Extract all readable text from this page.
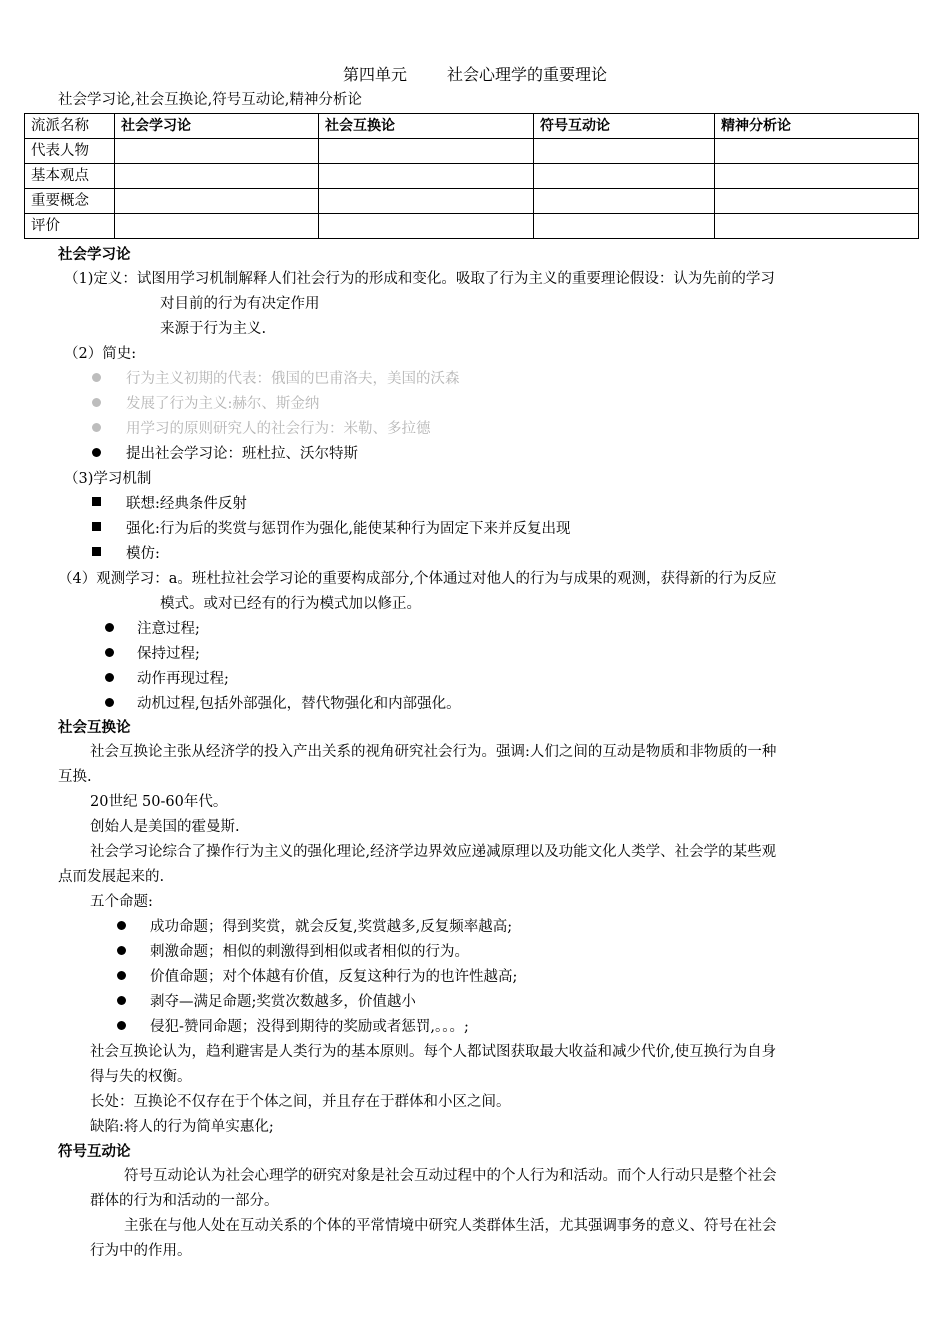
第四单元	社会心理学的重要理论
社会学习论,社会互换论,符号互动论,精神分析论
流派名称	社会学习论	社会互换论	符号互动论	精神分析论
代表人物				
基本观点				
重要概念				
评价				
社会学习论
（1)定义：试图用学习机制解释人们社会行为的形成和变化。吸取了行为主义的重要理论假设：认为先前的学习
对目前的行为有决定作用
来源于行为主义.
（2）简史:
行为主义初期的代表：俄国的巴甫洛夫，美国的沃森
发展了行为主义:赫尔、斯金纳
用学习的原则研究人的社会行为：米勒、多拉德
提出社会学习论：班杜拉、沃尔特斯
（3)学习机制
联想:经典条件反射
强化:行为后的奖赏与惩罚作为强化,能使某种行为固定下来并反复出现
模仿:
（4）观测学习：a。班杜拉社会学习论的重要构成部分,个体通过对他人的行为与成果的观测，获得新的行为反应
模式。或对已经有的行为模式加以修正。
注意过程;
保持过程;
动作再现过程;
动机过程,包括外部强化，替代物强化和内部强化。
社会互换论
社会互换论主张从经济学的投入产出关系的视角研究社会行为。强调:人们之间的互动是物质和非物质的一种
互换.
20世纪 50-60年代。
创始人是美国的霍曼斯.
社会学习论综合了操作行为主义的强化理论,经济学边界效应递减原理以及功能文化人类学、社会学的某些观
点而发展起来的.
五个命题:
成功命题；得到奖赏，就会反复,奖赏越多,反复频率越高;
刺激命题；相似的刺激得到相似或者相似的行为。
价值命题；对个体越有价值，反复这种行为的也许性越高;
剥夺—满足命题;奖赏次数越多，价值越小
侵犯-赞同命题；没得到期待的奖励或者惩罚,。。。;
社会互换论认为，趋利避害是人类行为的基本原则。每个人都试图获取最大收益和减少代价,使互换行为自身
得与失的权衡。
长处：互换论不仅存在于个体之间，并且存在于群体和小区之间。
缺陷:将人的行为简单实惠化;
符号互动论
符号互动论认为社会心理学的研究对象是社会互动过程中的个人行为和活动。而个人行动只是整个社会
群体的行为和活动的一部分。
主张在与他人处在互动关系的个体的平常情境中研究人类群体生活，尤其强调事务的意义、符号在社会
行为中的作用。
